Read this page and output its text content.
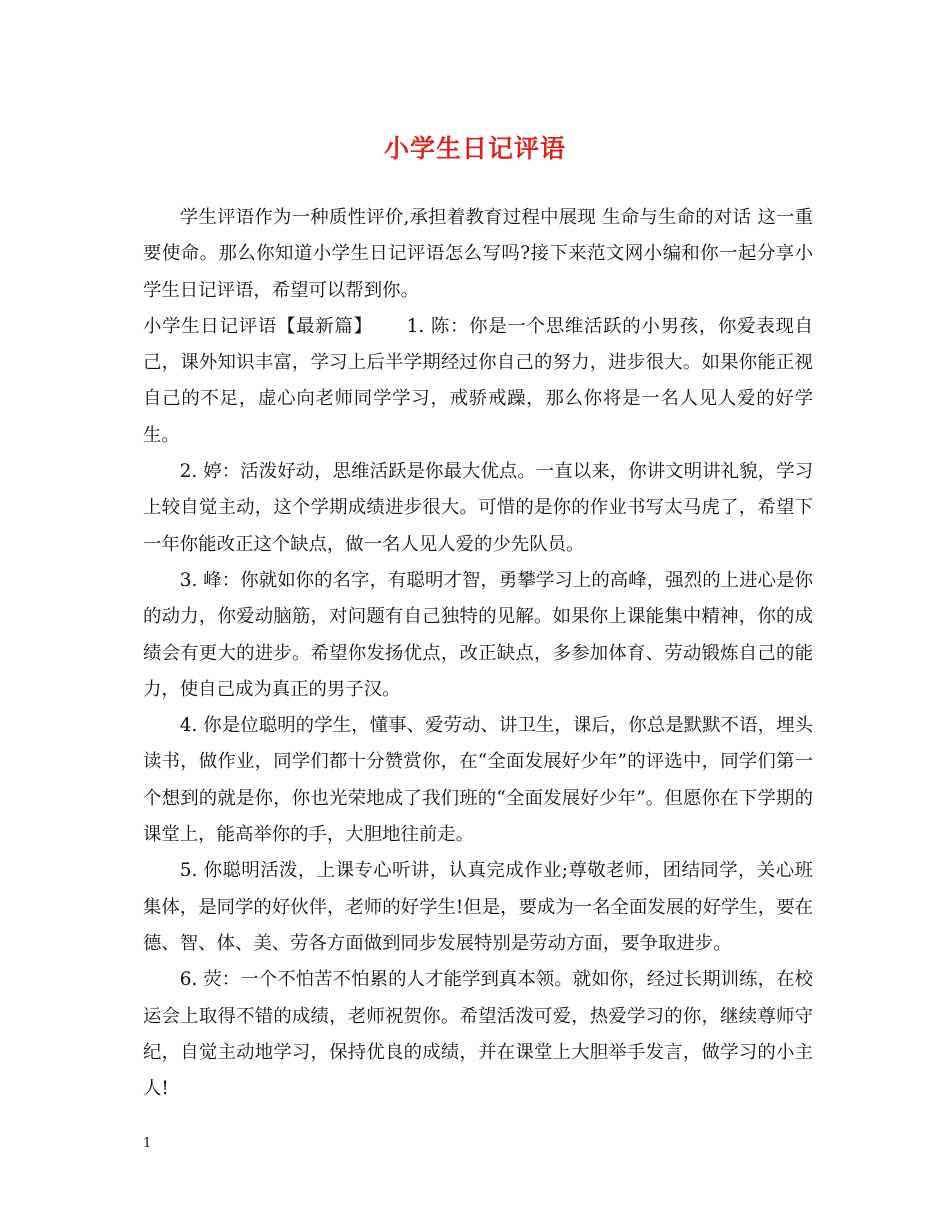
小学生日记评语

学生评语作为一种质性评价,承担着教育过程中展现 生命与生命的对话 这一重要使命。那么你知道小学生日记评语怎么写吗?接下来范文网小编和你一起分享小学生日记评语，希望可以帮到你。

小学生日记评语【最新篇】 1. 陈：你是一个思维活跃的小男孩，你爱表现自己，课外知识丰富，学习上后半学期经过你自己的努力，进步很大。如果你能正视自己的不足，虚心向老师同学学习，戒骄戒躁，那么你将是一名人见人爱的好学生。

2. 婷：活泼好动，思维活跃是你最大优点。一直以来，你讲文明讲礼貌，学习上较自觉主动，这个学期成绩进步很大。可惜的是你的作业书写太马虎了，希望下一年你能改正这个缺点，做一名人见人爱的少先队员。

3. 峰：你就如你的名字，有聪明才智，勇攀学习上的高峰，强烈的上进心是你的动力，你爱动脑筋，对问题有自己独特的见解。如果你上课能集中精神，你的成绩会有更大的进步。希望你发扬优点，改正缺点，多参加体育、劳动锻炼自己的能力，使自己成为真正的男子汉。

4. 你是位聪明的学生，懂事、爱劳动、讲卫生，课后，你总是默默不语，埋头读书，做作业，同学们都十分赞赏你，在“全面发展好少年”的评选中，同学们第一个想到的就是你，你也光荣地成了我们班的“全面发展好少年”。但愿你在下学期的课堂上，能高举你的手，大胆地往前走。

5. 你聪明活泼，上课专心听讲，认真完成作业;尊敬老师，团结同学，关心班集体，是同学的好伙伴，老师的好学生!但是，要成为一名全面发展的好学生，要在德、智、体、美、劳各方面做到同步发展特别是劳动方面，要争取进步。

6. 荧：一个不怕苦不怕累的人才能学到真本领。就如你，经过长期训练，在校运会上取得不错的成绩，老师祝贺你。希望活泼可爱，热爱学习的你，继续尊师守纪，自觉主动地学习，保持优良的成绩，并在课堂上大胆举手发言，做学习的小主人!

1
